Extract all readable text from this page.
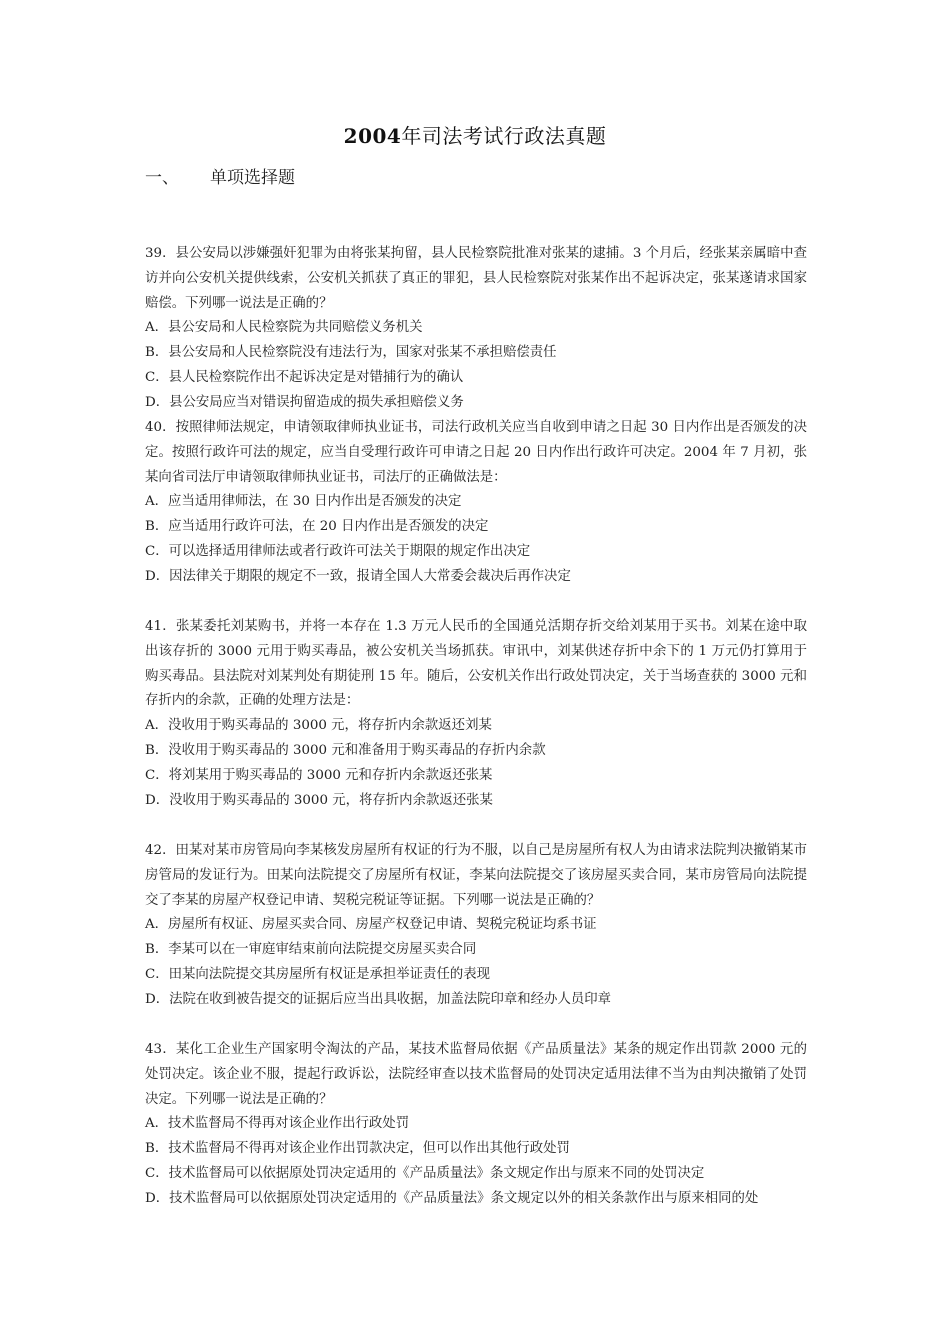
2004年司法考试行政法真题
一、 单项选择题

39．县公安局以涉嫌强奸犯罪为由将张某拘留，县人民检察院批准对张某的逮捕。3 个月后，经张某亲属暗中查访并向公安机关提供线索，公安机关抓获了真正的罪犯，县人民检察院对张某作出不起诉决定，张某遂请求国家赔偿。下列哪一说法是正确的？

A．县公安局和人民检察院为共同赔偿义务机关

B．县公安局和人民检察院没有违法行为，国家对张某不承担赔偿责任

C．县人民检察院作出不起诉决定是对错捕行为的确认

D．县公安局应当对错误拘留造成的损失承担赔偿义务

40．按照律师法规定，申请领取律师执业证书，司法行政机关应当自收到申请之日起 30 日内作出是否颁发的决定。按照行政许可法的规定，应当自受理行政许可申请之日起 20 日内作出行政许可决定。2004 年 7 月初，张某向省司法厅申请领取律师执业证书，司法厅的正确做法是：

A．应当适用律师法，在 30 日内作出是否颁发的决定

B．应当适用行政许可法，在 20 日内作出是否颁发的决定

C．可以选择适用律师法或者行政许可法关于期限的规定作出决定

D．因法律关于期限的规定不一致，报请全国人大常委会裁决后再作决定

41．张某委托刘某购书，并将一本存在 1.3 万元人民币的全国通兑活期存折交给刘某用于买书。刘某在途中取出该存折的 3000 元用于购买毒品，被公安机关当场抓获。审讯中，刘某供述存折中余下的 1 万元仍打算用于购买毒品。县法院对刘某判处有期徒刑 15 年。随后，公安机关作出行政处罚决定，关于当场查获的 3000 元和存折内的余款，正确的处理方法是：

A．没收用于购买毒品的 3000 元，将存折内余款返还刘某

B．没收用于购买毒品的 3000 元和准备用于购买毒品的存折内余款

C．将刘某用于购买毒品的 3000 元和存折内余款返还张某

D．没收用于购买毒品的 3000 元，将存折内余款返还张某

42．田某对某市房管局向李某核发房屋所有权证的行为不服，以自己是房屋所有权人为由请求法院判决撤销某市房管局的发证行为。田某向法院提交了房屋所有权证，李某向法院提交了该房屋买卖合同，某市房管局向法院提交了李某的房屋产权登记申请、契税完税证等证据。下列哪一说法是正确的？

A．房屋所有权证、房屋买卖合同、房屋产权登记申请、契税完税证均系书证

B．李某可以在一审庭审结束前向法院提交房屋买卖合同

C．田某向法院提交其房屋所有权证是承担举证责任的表现

D．法院在收到被告提交的证据后应当出具收据，加盖法院印章和经办人员印章

43．某化工企业生产国家明令淘汰的产品，某技术监督局依据《产品质量法》某条的规定作出罚款 2000 元的处罚决定。该企业不服，提起行政诉讼，法院经审查以技术监督局的处罚决定适用法律不当为由判决撤销了处罚决定。下列哪一说法是正确的？

A．技术监督局不得再对该企业作出行政处罚

B．技术监督局不得再对该企业作出罚款决定，但可以作出其他行政处罚

C．技术监督局可以依据原处罚决定适用的《产品质量法》条文规定作出与原来不同的处罚决定

D．技术监督局可以依据原处罚决定适用的《产品质量法》条文规定以外的相关条款作出与原来相同的处
